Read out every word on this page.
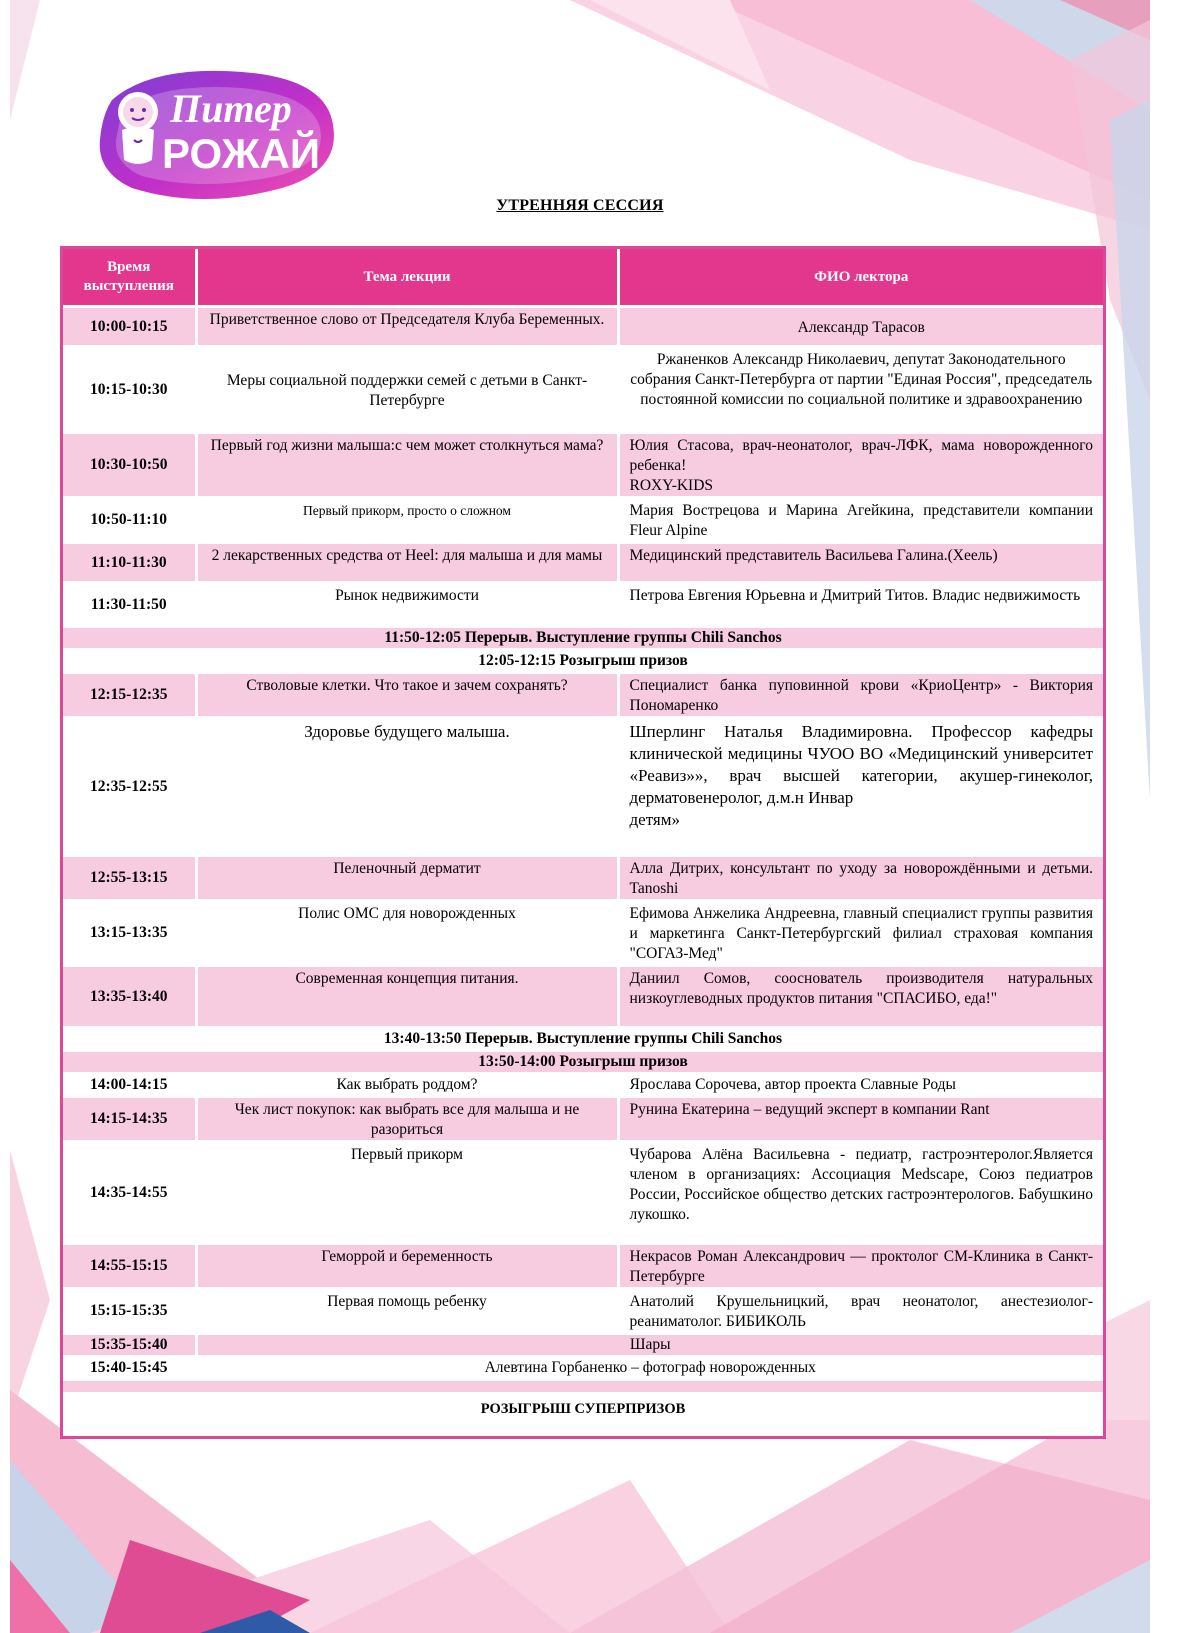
Питер
РОЖАЙ
УТРЕННЯЯ СЕССИЯ
Время выступления	Тема лекции	ФИО лектора
10:00-10:15	Приветственное слово от Председателя Клуба Беременных.	Александр Тарасов
10:15-10:30	Меры социальной поддержки семей с детьми в Санкт-Петербурге	Ржаненков Александр Николаевич, депутат Законодательного собрания Санкт-Петербурга от партии "Единая Россия", председатель постоянной комиссии по социальной политике и здравоохранению
10:30-10:50	Первый год жизни малыша:с чем может столкнуться мама?	Юлия Стасова, врач-неонатолог, врач-ЛФК, мама новорожденного ребенка!
ROXY-KIDS
10:50-11:10	Первый прикорм, просто о сложном	Мария Вострецова и Марина Агейкина, представители компании Fleur Alpine
11:10-11:30	2 лекарственных средства от Heel: для малыша и для мамы	Медицинский представитель Васильева Галина.(Хеель)
11:30-11:50	Рынок недвижимости	Петрова Евгения Юрьевна и Дмитрий Титов. Владис недвижимость
11:50-12:05 Перерыв. Выступление группы Chili Sanchos		
12:05-12:15 Розыгрыш призов		
12:15-12:35	Стволовые клетки. Что такое и зачем сохранять?	Специалист банка пуповинной крови «КриоЦентр» - Виктория Пономаренко
12:35-12:55	Здоровье будущего малыша.	Шперлинг Наталья Владимировна. Профессор кафедры клинической медицины ЧУОО ВО «Медицинский университет «Реавиз»», врач высшей категории, акушер-гинеколог, дерматовенеролог, д.м.н Инвар
детям»
12:55-13:15	Пеленочный дерматит	Алла Дитрих, консультант по уходу за новорождёнными и детьми. Tanoshi
13:15-13:35	Полис ОМС для новорожденных	Ефимова Анжелика Андреевна, главный специалист группы развития и маркетинга Санкт-Петербургский филиал страховая компания "СОГАЗ-Мед"
13:35-13:40	Современная концепция питания.	Даниил Сомов, сооснователь производителя натуральных низкоуглеводных продуктов питания "СПАСИБО, еда!"
13:40-13:50 Перерыв. Выступление группы Chili Sanchos		
13:50-14:00 Розыгрыш призов		
14:00-14:15	Как выбрать роддом?	Ярослава Сорочева, автор проекта Славные Роды
14:15-14:35	Чек лист покупок: как выбрать все для малыша и не разориться	Рунина Екатерина – ведущий эксперт в компании Rant
14:35-14:55	Первый прикорм	Чубарова Алёна Васильевна - педиатр, гастроэнтеролог.Является членом в организациях: Ассоциация Medscape, Союз педиатров России, Российское общество детских гастроэнтерологов. Бабушкино лукошко.
14:55-15:15	Геморрой и беременность	Некрасов Роман Александрович — проктолог СМ-Клиника в Санкт-Петербурге
15:15-15:35	Первая помощь ребенку	Анатолий Крушельницкий, врач неонатолог, анестезиолог-реаниматолог. БИБИКОЛЬ
15:35-15:40	Шары	
15:40-15:45	Алевтина Горбаненко – фотограф новорожденных	

РОЗЫГРЫШ СУПЕРПРИЗОВ		
